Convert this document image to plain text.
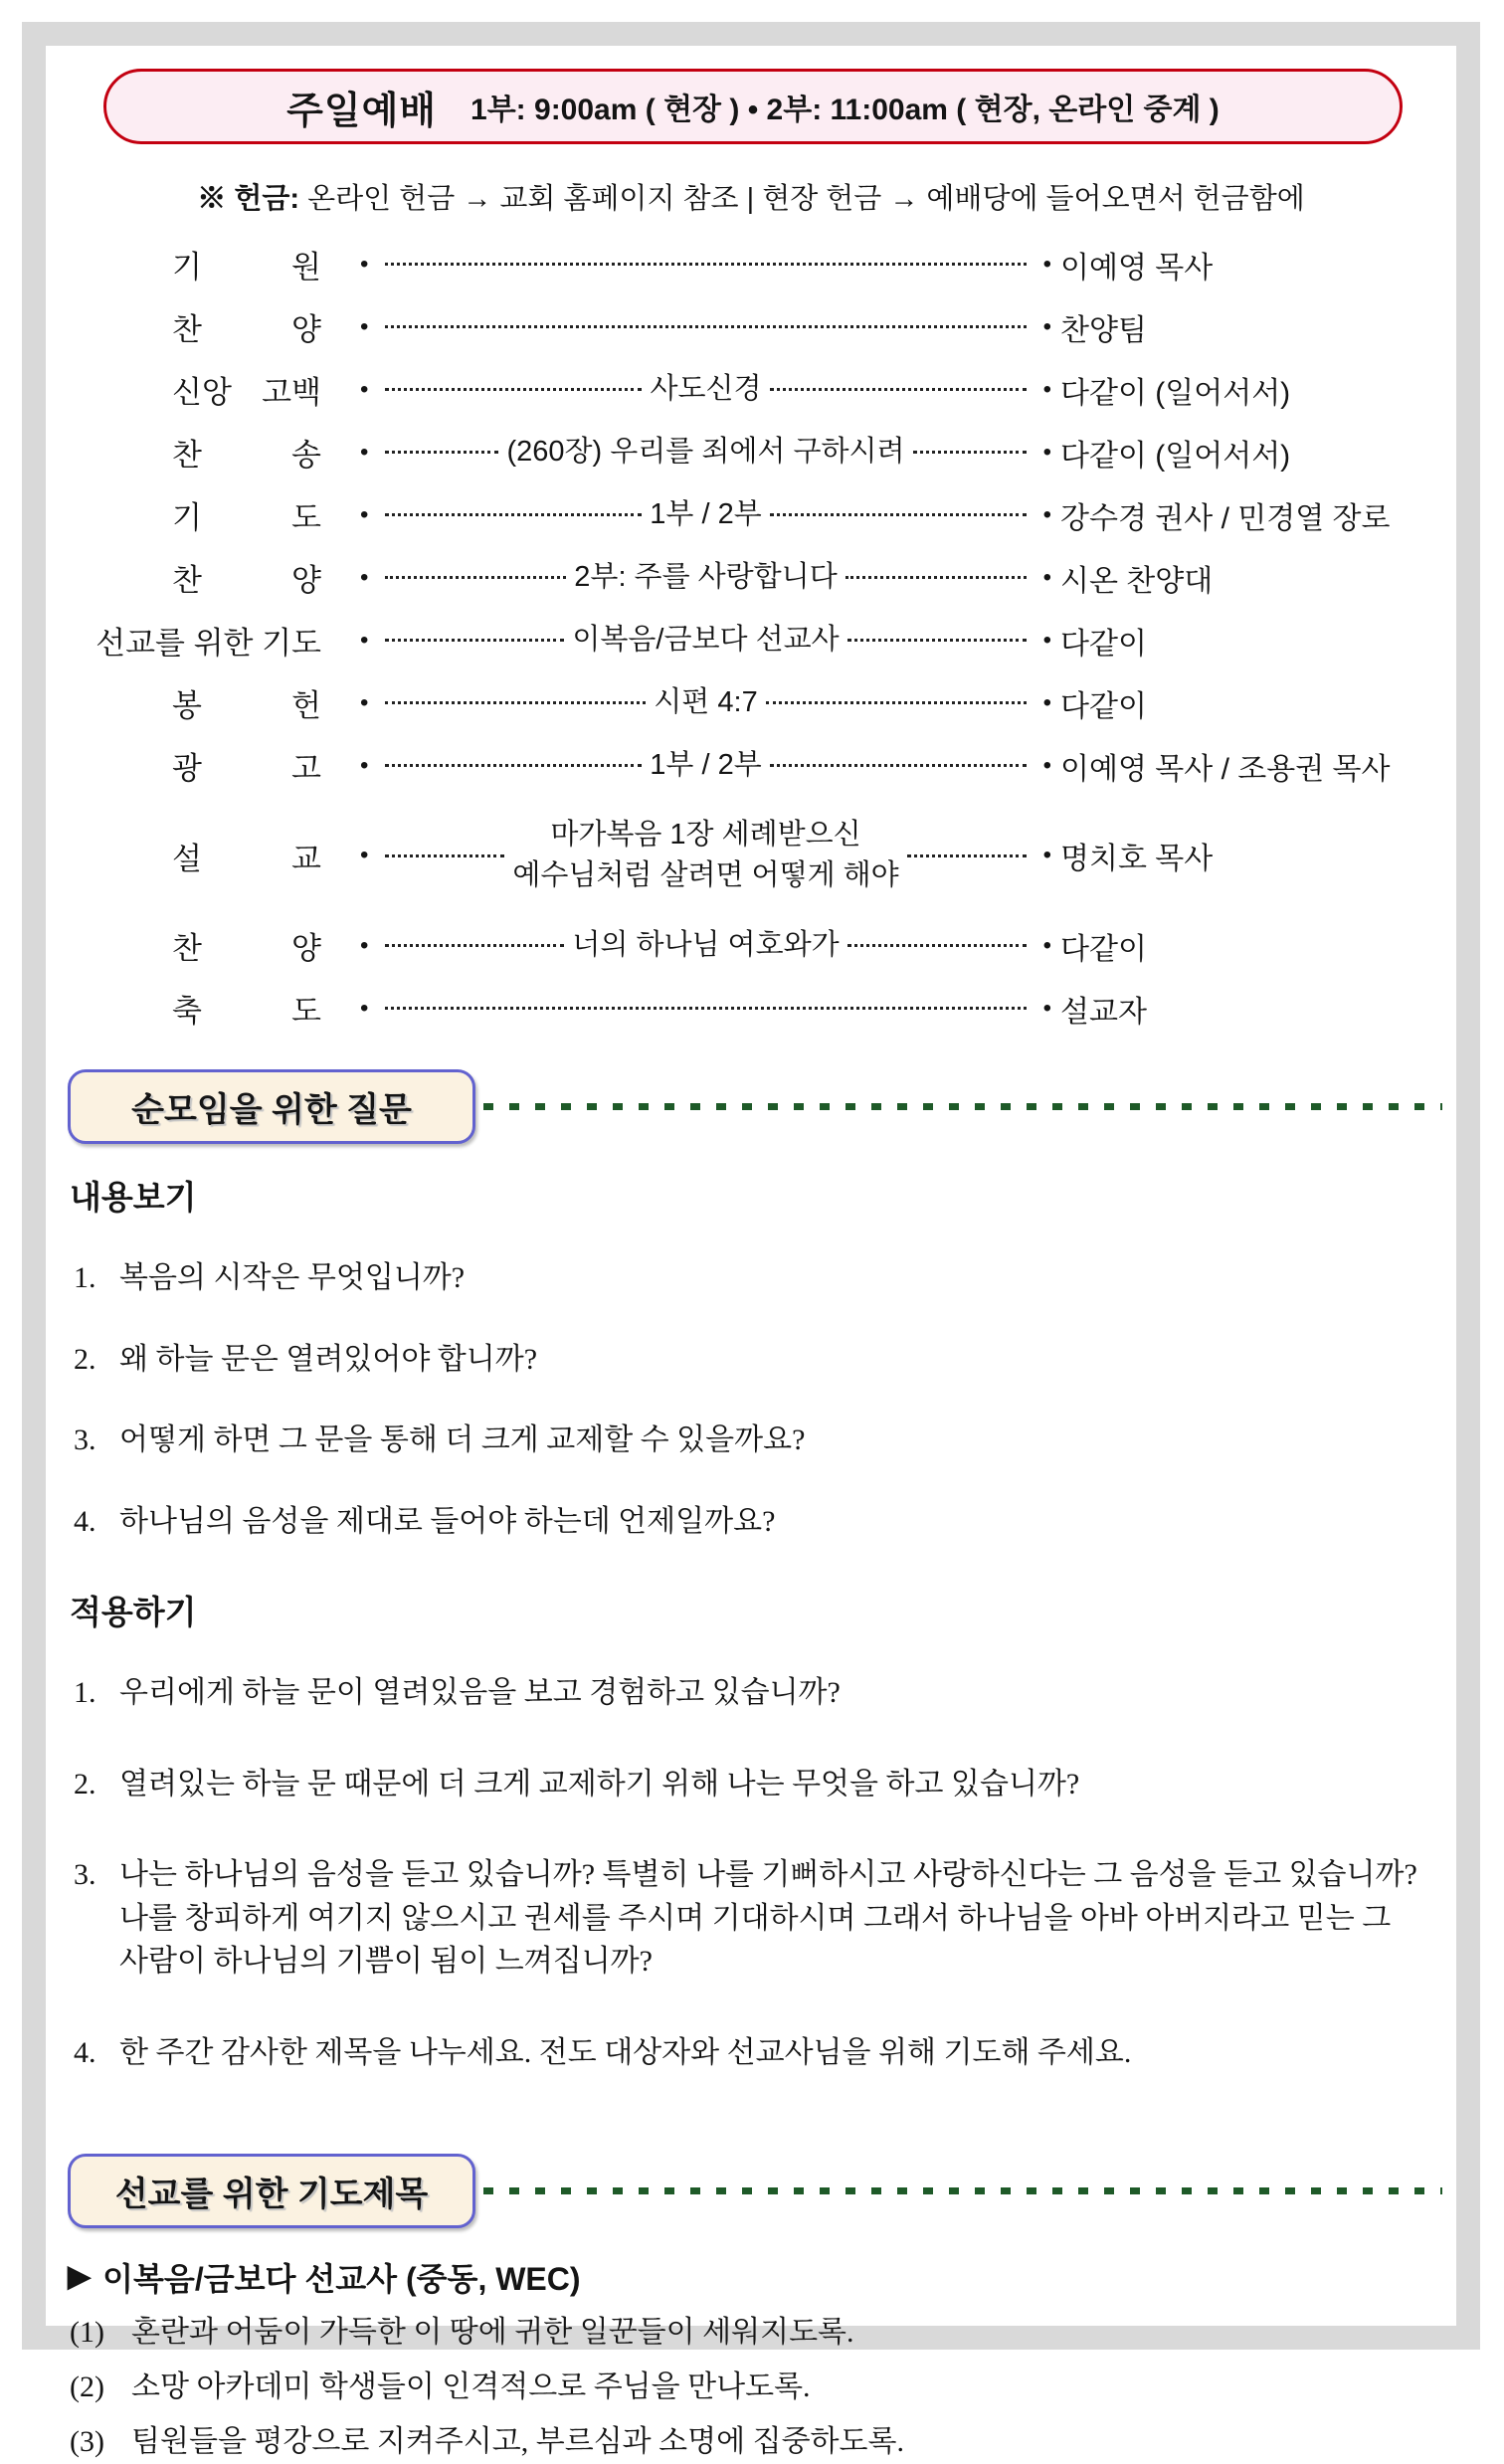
주일예배 1부: 9:00am ( 현장 ) • 2부: 11:00am ( 현장, 온라인 중계 )
※ 헌금: 온라인 헌금 → 교회 홈페이지 참조 | 현장 헌금 → 예배당에 들어오면서 헌금함에
기 원 •	• 이예영 목사
찬 양 •	• 찬양팀
신앙 고백 •	사도신경	• 다같이 (일어서서)
찬 송 •	(260장) 우리를 죄에서 구하시려	• 다같이 (일어서서)
기 도 •	1부 / 2부	• 강수경 권사 / 민경열 장로
찬 양 •	2부: 주를 사랑합니다	• 시온 찬양대
선교를 위한 기도 •	이복음/금보다 선교사	• 다같이
봉 헌 •	시편 4:7	• 다같이
광 고 •	1부 / 2부	• 이예영 목사 / 조용권 목사
설 교 •
마가복음 1장 세례받으신
예수님처럼 살려면 어떻게 해야
• 명치호 목사
찬 양 •	너의 하나님 여호와가	• 다같이
축 도 •	• 설교자
순모임을 위한 질문
내용보기
1. 복음의 시작은 무엇입니까?
2. 왜 하늘 문은 열려있어야 합니까?
3. 어떻게 하면 그 문을 통해 더 크게 교제할 수 있을까요?
4. 하나님의 음성을 제대로 들어야 하는데 언제일까요?
적용하기
1. 우리에게 하늘 문이 열려있음을 보고 경험하고 있습니까?
2. 열려있는 하늘 문 때문에 더 크게 교제하기 위해 나는 무엇을 하고 있습니까?
3. 나는 하나님의 음성을 듣고 있습니까? 특별히 나를 기뻐하시고 사랑하신다는 그 음성을 듣고 있습니까? 나를 창피하게 여기지 않으시고 권세를 주시며 기대하시며 그래서 하나님을 아바 아버지라고 믿는 그 사람이 하나님의 기쁨이 됨이 느껴집니까?
4. 한 주간 감사한 제목을 나누세요. 전도 대상자와 선교사님을 위해 기도해 주세요.
선교를 위한 기도제목
▶ 이복음/금보다 선교사 (중동, WEC)
(1) 혼란과 어둠이 가득한 이 땅에 귀한 일꾼들이 세워지도록.
(2) 소망 아카데미 학생들이 인격적으로 주님을 만나도록.
(3) 팀원들을 평강으로 지켜주시고, 부르심과 소명에 집중하도록.
